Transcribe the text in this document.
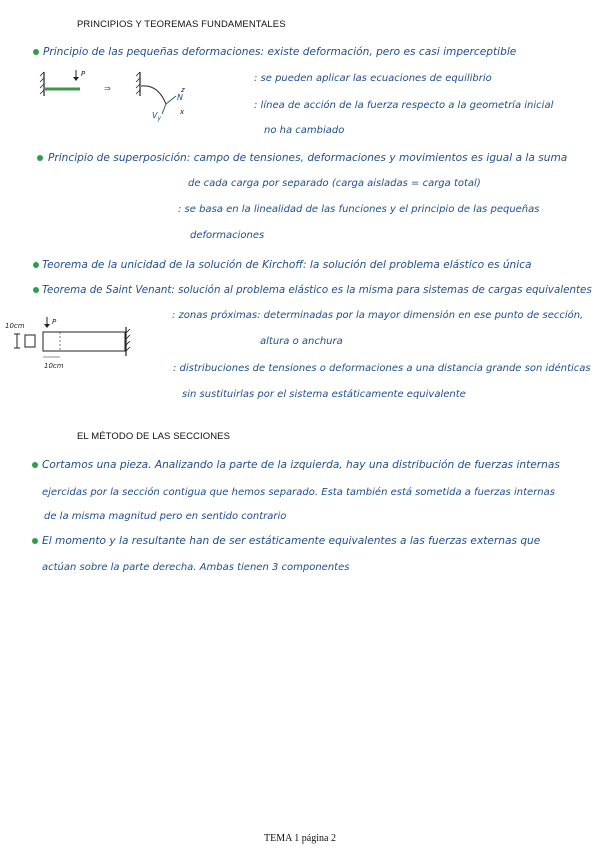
PRINCIPIOS Y TEOREMAS FUNDAMENTALES
Principio de las pequeñas deformaciones: existe deformación, pero es casi imperceptible
: se pueden aplicar las ecuaciones de equilibrio
: línea de acción de la fuerza respecto a la geometría inicial
no ha cambiado
P
⇒
$V_y$
N
z
x
Principio de superposición: campo de tensiones, deformaciones y movimientos es igual a la suma
de cada carga por separado (carga aisladas = carga total)
: se basa en la linealidad de las funciones y el principio de las pequeñas
deformaciones
Teorema de la unicidad de la solución de Kirchoff: la solución del problema elástico es única
Teorema de Saint Venant: solución al problema elástico es la misma para sistemas de cargas equivalentes
: zonas próximas: determinadas por la mayor dimensión en ese punto de sección,
altura o anchura
: distribuciones de tensiones o deformaciones a una distancia grande son idénticas
sin sustituirlas por el sistema estáticamente equivalente
10cm	P
10cm
EL MÉTODO DE LAS SECCIONES
Cortamos una pieza. Analizando la parte de la izquierda, hay una distribución de fuerzas internas
ejercidas por la sección contigua que hemos separado. Esta también está sometida a fuerzas internas
de la misma magnitud pero en sentido contrario
El momento y la resultante han de ser estáticamente equivalentes a las fuerzas externas que
actúan sobre la parte derecha. Ambas tienen 3 componentes
TEMA 1 página 2
